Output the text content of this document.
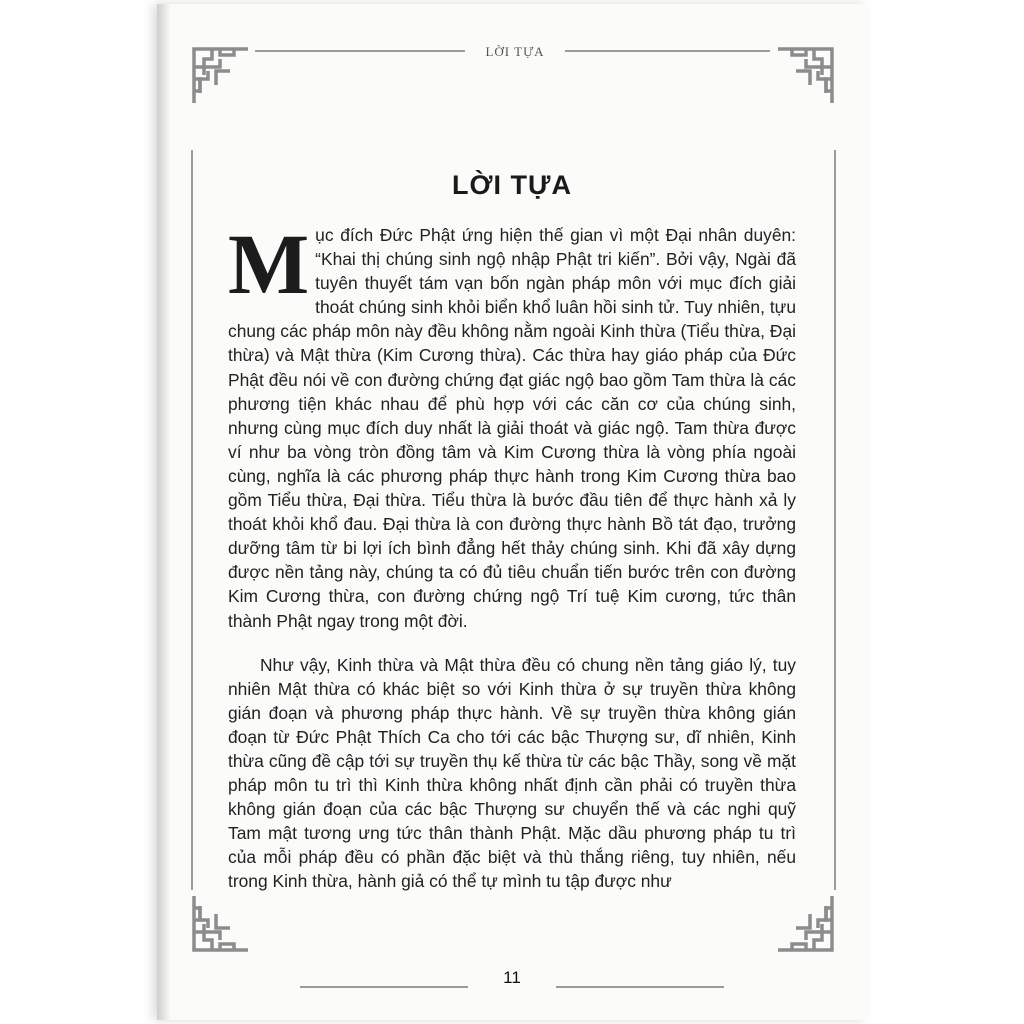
LỜI TỰA
LỜI TỰA

Mục đích Đức Phật ứng hiện thế gian vì một Đại nhân duyên: “Khai thị chúng sinh ngộ nhập Phật tri kiến”. Bởi vậy, Ngài đã tuyên thuyết tám vạn bốn ngàn pháp môn với mục đích giải thoát chúng sinh khỏi biển khổ luân hồi sinh tử. Tuy nhiên, tựu chung các pháp môn này đều không nằm ngoài Kinh thừa (Tiểu thừa, Đại thừa) và Mật thừa (Kim Cương thừa). Các thừa hay giáo pháp của Đức Phật đều nói về con đường chứng đạt giác ngộ bao gồm Tam thừa là các phương tiện khác nhau để phù hợp với các căn cơ của chúng sinh, nhưng cùng mục đích duy nhất là giải thoát và giác ngộ. Tam thừa được ví như ba vòng tròn đồng tâm và Kim Cương thừa là vòng phía ngoài cùng, nghĩa là các phương pháp thực hành trong Kim Cương thừa bao gồm Tiểu thừa, Đại thừa. Tiểu thừa là bước đầu tiên để thực hành xả ly thoát khỏi khổ đau. Đại thừa là con đường thực hành Bồ tát đạo, trưởng dưỡng tâm từ bi lợi ích bình đẳng hết thảy chúng sinh. Khi đã xây dựng được nền tảng này, chúng ta có đủ tiêu chuẩn tiến bước trên con đường Kim Cương thừa, con đường chứng ngộ Trí tuệ Kim cương, tức thân thành Phật ngay trong một đời.

Như vậy, Kinh thừa và Mật thừa đều có chung nền tảng giáo lý, tuy nhiên Mật thừa có khác biệt so với Kinh thừa ở sự truyền thừa không gián đoạn và phương pháp thực hành. Về sự truyền thừa không gián đoạn từ Đức Phật Thích Ca cho tới các bậc Thượng sư, dĩ nhiên, Kinh thừa cũng đề cập tới sự truyền thụ kế thừa từ các bậc Thầy, song về mặt pháp môn tu trì thì Kinh thừa không nhất định cần phải có truyền thừa không gián đoạn của các bậc Thượng sư chuyển thế và các nghi quỹ Tam mật tương ưng tức thân thành Phật. Mặc dầu phương pháp tu trì của mỗi pháp đều có phần đặc biệt và thù thắng riêng, tuy nhiên, nếu trong Kinh thừa, hành giả có thể tự mình tu tập được như

11
